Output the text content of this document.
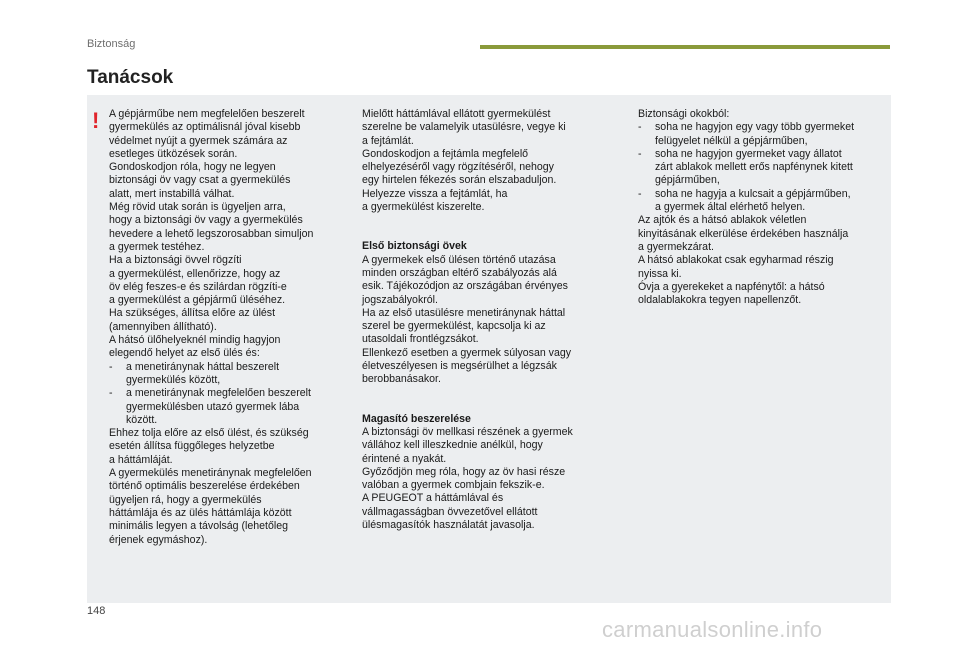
Biztonság
Tanácsok
! A gépjárműbe nem megfelelően beszerelt
gyermekülés az optimálisnál jóval kisebb
védelmet nyújt a gyermek számára az
esetleges ütközések során.
Gondoskodjon róla, hogy ne legyen
biztonsági öv vagy csat a gyermekülés
alatt, mert instabillá válhat.
Még rövid utak során is ügyeljen arra,
hogy a biztonsági öv vagy a gyermekülés
hevedere a lehető legszorosabban simuljon
a gyermek testéhez.
Ha a biztonsági övvel rögzíti
a gyermekülést, ellenőrizze, hogy az
öv elég feszes-e és szilárdan rögzíti-e
a gyermekülést a gépjármű üléséhez.
Ha szükséges, állítsa előre az ülést
(amennyiben állítható).
A hátsó ülőhelyeknél mindig hagyjon
elegendő helyet az első ülés és:

- a menetiránynak háttal beszerelt
gyermekülés között,

- a menetiránynak megfelelően beszerelt
gyermekülésben utazó gyermek lába
között.

Ehhez tolja előre az első ülést, és szükség
esetén állítsa függőleges helyzetbe
a háttámláját.
A gyermekülés menetiránynak megfelelően
történő optimális beszerelése érdekében
ügyeljen rá, hogy a gyermekülés
háttámlája és az ülés háttámlája között
minimális legyen a távolság (lehetőleg
érjenek egymáshoz).

Mielőtt háttámlával ellátott gyermekülést
szerelne be valamelyik utasülésre, vegye ki
a fejtámlát.
Gondoskodjon a fejtámla megfelelő
elhelyezéséről vagy rögzítéséről, nehogy
egy hirtelen fékezés során elszabaduljon.
Helyezze vissza a fejtámlát, ha
a gyermekülést kiszerelte.

Első biztonsági övek

A gyermekek első ülésen történő utazása
minden országban eltérő szabályozás alá
esik. Tájékozódjon az országában érvényes
jogszabályokról.
Ha az első utasülésre menetiránynak háttal
szerel be gyermekülést, kapcsolja ki az
utasoldali frontlégzsákot.
Ellenkező esetben a gyermek súlyosan vagy
életveszélyesen is megsérülhet a légzsák
berobbanásakor.

Magasító beszerelése

A biztonsági öv mellkasi részének a gyermek
vállához kell illeszkednie anélkül, hogy
érintené a nyakát.
Győződjön meg róla, hogy az öv hasi része
valóban a gyermek combjain fekszik-e.
A PEUGEOT a háttámlával és
vállmagasságban övvezetővel ellátott
ülésmagasítók használatát javasolja.

Biztonsági okokból:

- soha ne hagyjon egy vagy több gyermeket
felügyelet nélkül a gépjárműben,

- soha ne hagyjon gyermeket vagy állatot
zárt ablakok mellett erős napfénynek kitett
gépjárműben,

- soha ne hagyja a kulcsait a gépjárműben,
a gyermek által elérhető helyen.

Az ajtók és a hátsó ablakok véletlen
kinyitásának elkerülése érdekében használja
a gyermekzárat.
A hátsó ablakokat csak egyharmad részig
nyissa ki.
Óvja a gyerekeket a napfénytől: a hátsó
oldalablakokra tegyen napellenzőt.

148
carmanualsonline.info
